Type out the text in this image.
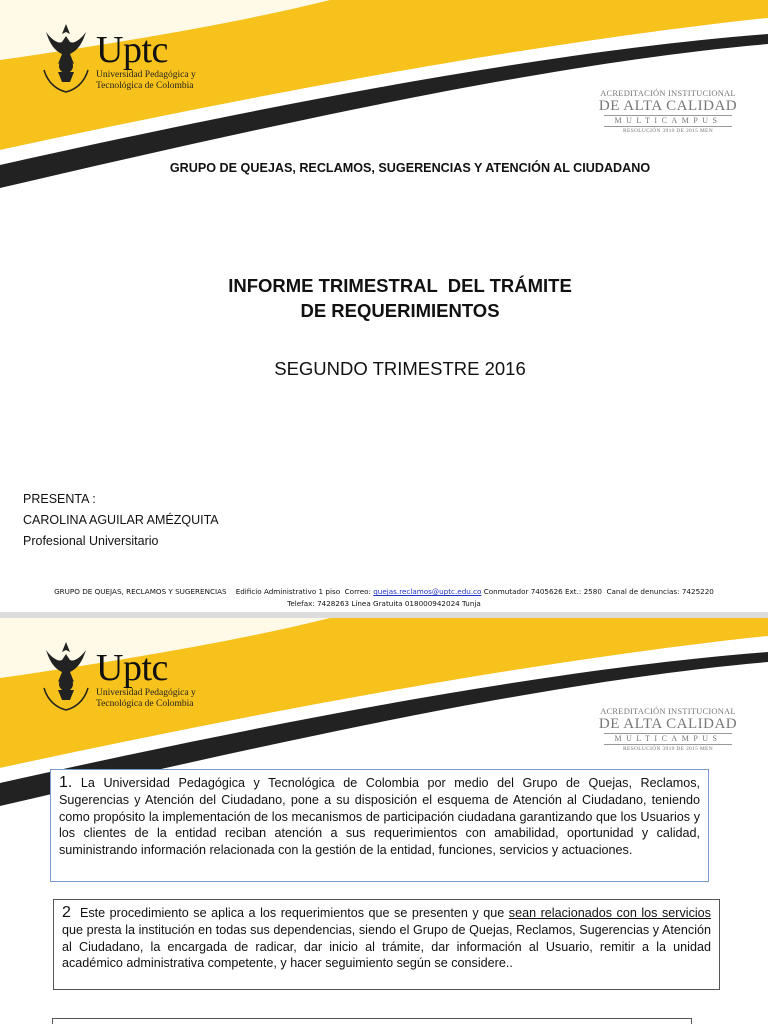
Uptc
Universidad Pedagógica y
Tecnológica de Colombia
ACREDITACIÓN INSTITUCIONAL
DE ALTA CALIDAD
MULTICAMPUS
RESOLUCIÓN 3910 DE 2015 MEN
GRUPO DE QUEJAS, RECLAMOS, SUGERENCIAS Y ATENCIÓN AL CIUDADANO
INFORME TRIMESTRAL  DEL TRÁMITE
DE REQUERIMIENTOS
SEGUNDO TRIMESTRE 2016
PRESENTA :
CAROLINA AGUILAR AMÉZQUITA
Profesional Universitario
GRUPO DE QUEJAS, RECLAMOS Y SUGERENCIAS    Edificio Administrativo 1 piso  Correo: quejas.reclamos@uptc.edu.co Conmutador 7405626 Ext.: 2580  Canal de denuncias: 7425220
Telefax: 7428263 Línea Gratuita 018000942024 Tunja
Uptc
Universidad Pedagógica y
Tecnológica de Colombia
ACREDITACIÓN INSTITUCIONAL
DE ALTA CALIDAD
MULTICAMPUS
RESOLUCIÓN 3910 DE 2015 MEN
1. La Universidad Pedagógica y Tecnológica de Colombia por medio del Grupo de Quejas, Reclamos, Sugerencias y Atención del Ciudadano, pone a su disposición el esquema de Atención al Ciudadano, teniendo como propósito la implementación de los mecanismos de participación ciudadana garantizando que los Usuarios y los clientes de la entidad reciban atención a sus requerimientos con amabilidad, oportunidad y calidad, suministrando información relacionada con la gestión de la entidad, funciones, servicios y actuaciones.
2  Este procedimiento se aplica a los requerimientos que se presenten y que sean relacionados con los servicios que presta la institución en todas sus dependencias, siendo el Grupo de Quejas, Reclamos, Sugerencias y Atención al Ciudadano, la encargada de radicar, dar inicio al trámite, dar información al Usuario, remitir a la unidad académico administrativa competente, y hacer seguimiento según se considere..
